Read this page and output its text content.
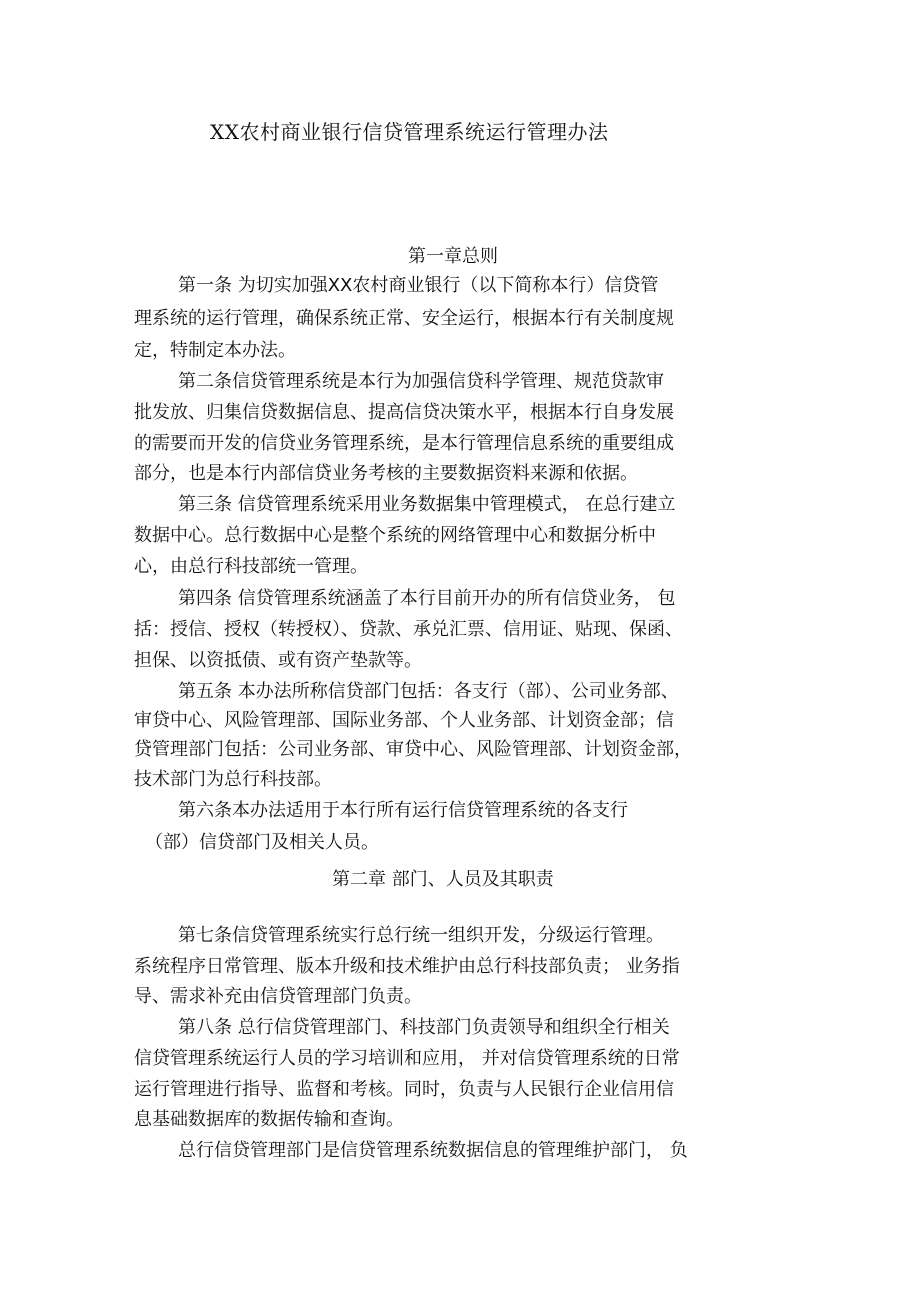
XX农村商业银行信贷管理系统运行管理办法
第一章总则
第一条 为切实加强XX农村商业银行（以下简称本行）信贷管
理系统的运行管理，确保系统正常、安全运行，根据本行有关制度规
定，特制定本办法。
第二条信贷管理系统是本行为加强信贷科学管理、规范贷款审
批发放、归集信贷数据信息、提高信贷决策水平，根据本行自身发展
的需要而开发的信贷业务管理系统，是本行管理信息系统的重要组成
部分，也是本行内部信贷业务考核的主要数据资料来源和依据。
第三条 信贷管理系统采用业务数据集中管理模式， 在总行建立
数据中心。总行数据中心是整个系统的网络管理中心和数据分析中
心，由总行科技部统一管理。
第四条 信贷管理系统涵盖了本行目前开办的所有信贷业务， 包
括：授信、授权（转授权）、贷款、承兑汇票、信用证、贴现、保函、
担保、以资抵债、或有资产垫款等。
第五条 本办法所称信贷部门包括：各支行（部）、公司业务部、
审贷中心、风险管理部、国际业务部、个人业务部、计划资金部；信
贷管理部门包括：公司业务部、审贷中心、风险管理部、计划资金部，
技术部门为总行科技部。
第六条本办法适用于本行所有运行信贷管理系统的各支行
（部）信贷部门及相关人员。
第二章 部门、人员及其职责
第七条信贷管理系统实行总行统一组织开发，分级运行管理。
系统程序日常管理、版本升级和技术维护由总行科技部负责； 业务指
导、需求补充由信贷管理部门负责。
第八条 总行信贷管理部门、科技部门负责领导和组织全行相关
信贷管理系统运行人员的学习培训和应用， 并对信贷管理系统的日常
运行管理进行指导、监督和考核。同时，负责与人民银行企业信用信
息基础数据库的数据传输和查询。
总行信贷管理部门是信贷管理系统数据信息的管理维护部门， 负
